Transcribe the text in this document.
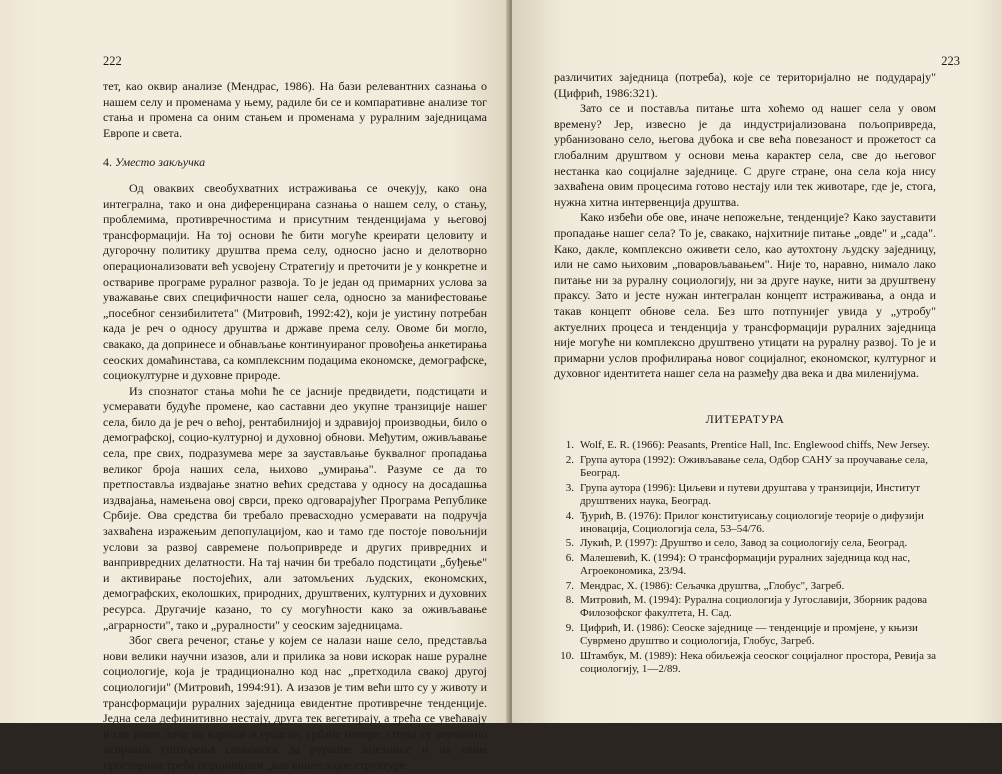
222

тет, као оквир анализе (Мендрас, 1986). На бази релевантних сазнања о нашем селу и променама у њему, радиле би се и компаративне анализе тог стања и промена са оним стањем и променама у руралним заједницама Европе и света.

4. Уместо закључка

Од оваквих свеобухватних истраживања се очекују, како она интегрална, тако и она диференцирана сазнања о нашем селу, о стању, проблемима, противречностима и присутним тенденцијама у његовој трансформацији. На тој основи ће бити могуће креирати целовиту и дугорочну политику друштва према селу, односно јасно и делотворно операционализовати већ усвојену Стратегију и преточити је у конкретне и оствариве програме руралног развоја. То је један од примарних услова за уважавање свих специфичности нашег села, односно за манифестовање „посебног сензибилитета" (Митровић, 1992:42), који је уистину потребан када је реч о односу друштва и државе према селу. Овоме би могло, свакако, да допринесе и обнављање континуираног провођења анкетирања сеоских домаћинстава, са комплексним подацима економске, демографске, социокултурне и духовне природе.

Из спознатог стања моћи ће се јасније предвидети, подстицати и усмеравати будуће промене, као саставни део укупне транзиције нашег села, било да је реч о већој, рентабилнијој и здравијој производњи, било о демографској, социо-културној и духовној обнови. Међутим, оживљавање села, пре свих, подразумева мере за заустављање буквалног пропадања великог броја наших села, њихово „умирања". Разуме се да то претпоставља издвајање знатно већих средстава у односу на досадашња издвајања, намењена овој сврси, преко одговарајућег Програма Републике Србије. Ова средства би требало превасходно усмеравати на подручја захваћена изражењим депопулацијом, као и тамо где постоје повољнији услови за развој савремене пољопривреде и других привредних и ванпривредних делатности. На тај начин би требало подстицати „буђење" и активирање постојећих, али затомљених људских, економских, демографских, еколошких, природних, друштвених, културних и духовних ресурса. Другачије казано, то су могућности како за оживљавање „аграрности", тако и „руралности" у сеоским заједницама.

Због свега реченог, стање у којем се налази наше село, представља нови велики научни изазов, али и прилика за нови искорак наше руралне социологије, која је традиционално код нас „претходила свакој другој социологији" (Митровић, 1994:91). А изазов је тим већи што су у животу и трансформацији руралних заједница евидентне противречне тенденције. Једна села дефинитивно нестају, друга тек вегетирају, а трећа се увећавају и све више личе на вароши и градске, урбане центре. Отуда су вероватно исправна упозорења социолога да руралне заједнице и на овим просторима треба перципирати „као вишеслојне структуре

223

различитих заједница (потреба), које се територијално не подударају" (Цифрић, 1986:321).

Зато се и поставља питање шта хоћемо од нашег села у овом времену? Јер, извесно је да индустријализована пољопривреда, урбанизовано село, његова дубока и све већа повезаност и прожетост са глобалним друштвом у основи мења карактер села, све до његовог нестанка као социјалне заједнице. С друге стране, она села која нису захваћена овим процесима готово нестају или тек животаре, где је, стога, нужна хитна интервенција друштва.

Како избећи обе ове, иначе непожељне, тенденције? Како зауставити пропадање нашег села? То је, свакако, најхитније питање „овде" и „сада". Како, дакле, комплексно оживети село, као аутохтону људску заједницу, или не само њиховим „поваровљавањем". Није то, наравно, нимало лако питање ни за руралну социологију, ни за друге науке, нити за друштвену праксу. Зато и јесте нужан интегралан концепт истраживања, а онда и такав концепт обнове села. Без што потпунијег увида у „утробу" актуелних процеса и тенденција у трансформацији руралних заједница није могуће ни комплексно друштвено утицати на руралну развој. То је и примарни услов профилирања новог социјалног, економског, културног и духовног идентитета нашег села на размеђу два века и два миленијума.

ЛИТЕРАТУРА
1. Wolf, E. R. (1966): Peasants, Prentice Hall, Inc. Englewood chiffs, New Jersey.
2. Група аутора (1992): Оживљавање села, Одбор САНУ за проучавање села, Београд.
3. Група аутора (1996): Циљеви и путеви друштава у транзицији, Институт друштвених наука, Београд.
4. Ђурић, В. (1976): Прилог конституисању социологије теорије о дифузији иновација, Социологија села, 53–54/76.
5. Лукић, Р. (1997): Друштво и село, Завод за социологију села, Београд.
6. Малешевић, К. (1994): О трансформацији руралних заједница код нас, Агроекономика, 23/94.
7. Мендрас, Х. (1986): Сељачка друштва, „Глобус", Загреб.
8. Митровић, М. (1994): Рурална социологија у Југославији, Зборник радова Филозофског факултета, Н. Сад.
9. Цифрић, И. (1986): Сеоске заједнице — тенденције и промјене, у књизи Суврмено друштво и социологија, Глобус, Загреб.
10. Штамбук, М. (1989): Нека обиљежја сеоског социјалног простора, Ревија за социологију, 1—2/89.
